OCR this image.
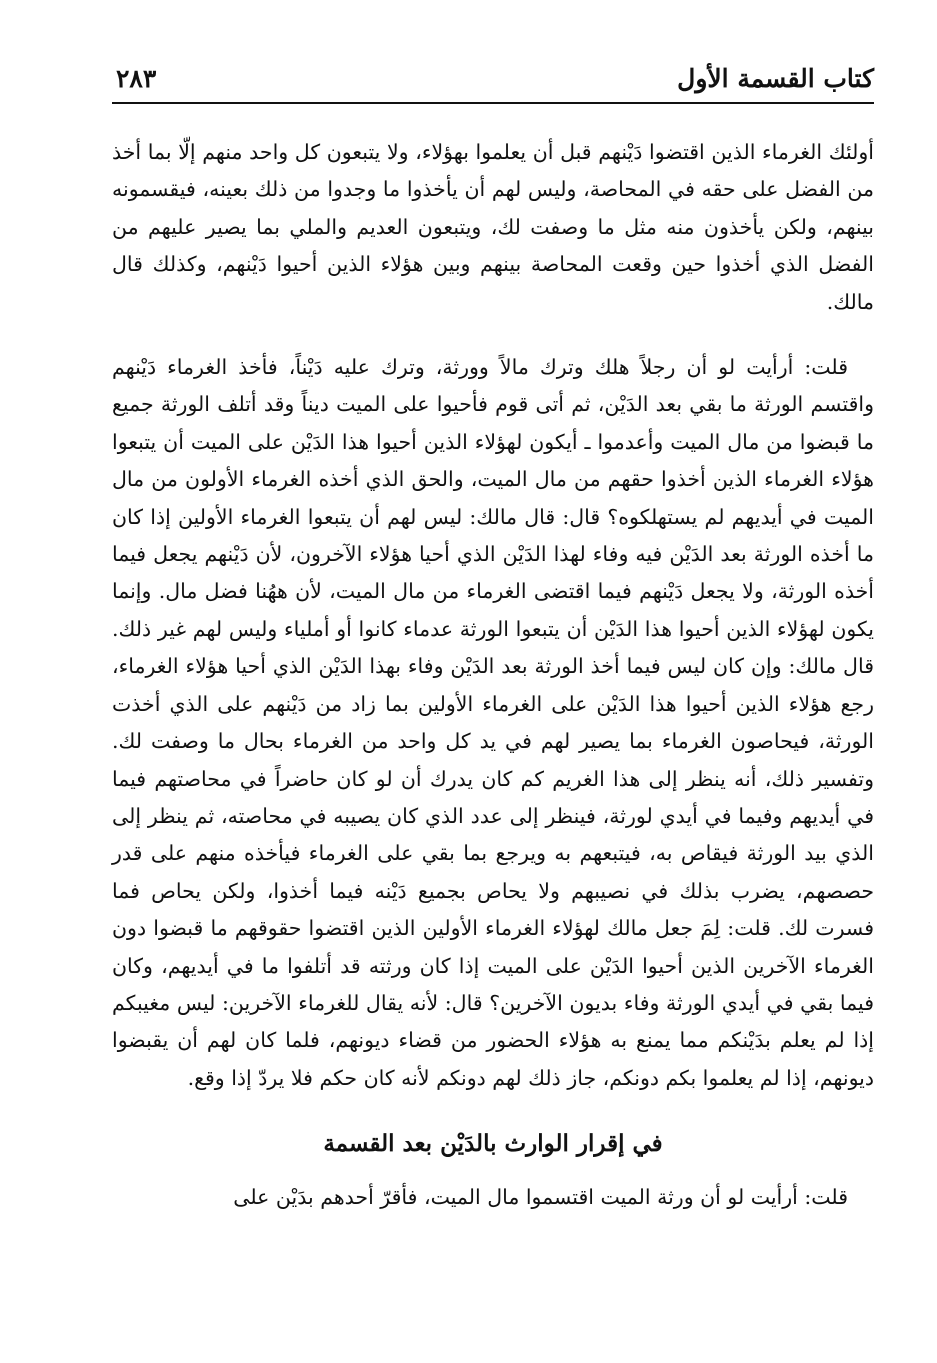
كتاب القسمة الأول
٢٨٣

أولئك الغرماء الذين اقتضوا دَيْنهم قبل أن يعلموا بهؤلاء، ولا يتبعون كل واحد منهم إلّا بما أخذ من الفضل على حقه في المحاصة، وليس لهم أن يأخذوا ما وجدوا من ذلك بعينه، فيقسمونه بينهم، ولكن يأخذون منه مثل ما وصفت لك، ويتبعون العديم والملي بما يصير عليهم من الفضل الذي أخذوا حين وقعت المحاصة بينهم وبين هؤلاء الذين أحيوا دَيْنهم، وكذلك قال مالك.

قلت: أرأيت لو أن رجلاً هلك وترك مالاً وورثة، وترك عليه دَيْناً، فأخذ الغرماء دَيْنهم واقتسم الورثة ما بقي بعد الدَيْن، ثم أتى قوم فأحيوا على الميت ديناً وقد أتلف الورثة جميع ما قبضوا من مال الميت وأعدموا ـ أيكون لهؤلاء الذين أحيوا هذا الدَيْن على الميت أن يتبعوا هؤلاء الغرماء الذين أخذوا حقهم من مال الميت، والحق الذي أخذه الغرماء الأولون من مال الميت في أيديهم لم يستهلكوه؟ قال: قال مالك: ليس لهم أن يتبعوا الغرماء الأولين إذا كان ما أخذه الورثة بعد الدَيْن فيه وفاء لهذا الدَيْن الذي أحيا هؤلاء الآخرون، لأن دَيْنهم يجعل فيما أخذه الورثة، ولا يجعل دَيْنهم فيما اقتضى الغرماء من مال الميت، لأن ههُنا فضل مال. وإنما يكون لهؤلاء الذين أحيوا هذا الدَيْن أن يتبعوا الورثة عدماء كانوا أو أملياء وليس لهم غير ذلك. قال مالك: وإن كان ليس فيما أخذ الورثة بعد الدَيْن وفاء بهذا الدَيْن الذي أحيا هؤلاء الغرماء، رجع هؤلاء الذين أحيوا هذا الدَيْن على الغرماء الأولين بما زاد من دَيْنهم على الذي أخذت الورثة، فيحاصون الغرماء بما يصير لهم في يد كل واحد من الغرماء بحال ما وصفت لك. وتفسير ذلك، أنه ينظر إلى هذا الغريم كم كان يدرك أن لو كان حاضراً في محاصتهم فيما في أيديهم وفيما في أيدي لورثة، فينظر إلى عدد الذي كان يصيبه في محاصته، ثم ينظر إلى الذي بيد الورثة فيقاص به، فيتبعهم به ويرجع بما بقي على الغرماء فيأخذه منهم على قدر حصصهم، يضرب بذلك في نصيبهم ولا يحاص بجميع دَيْنه فيما أخذوا، ولكن يحاص فما فسرت لك. قلت: لِمَ جعل مالك لهؤلاء الغرماء الأولين الذين اقتضوا حقوقهم ما قبضوا دون الغرماء الآخرين الذين أحيوا الدَيْن على الميت إذا كان ورثته قد أتلفوا ما في أيديهم، وكان فيما بقي في أيدي الورثة وفاء بديون الآخرين؟ قال: لأنه يقال للغرماء الآخرين: ليس مغيبكم إذا لم يعلم بدَيْنكم مما يمنع به هؤلاء الحضور من قضاء ديونهم، فلما كان لهم أن يقبضوا ديونهم، إذا لم يعلموا بكم دونكم، جاز ذلك لهم دونكم لأنه كان حكم فلا يردّ إذا وقع.

في إقرار الوارث بالدَيْن بعد القسمة

قلت: أرأيت لو أن ورثة الميت اقتسموا مال الميت، فأقرّ أحدهم بدَيْن على
